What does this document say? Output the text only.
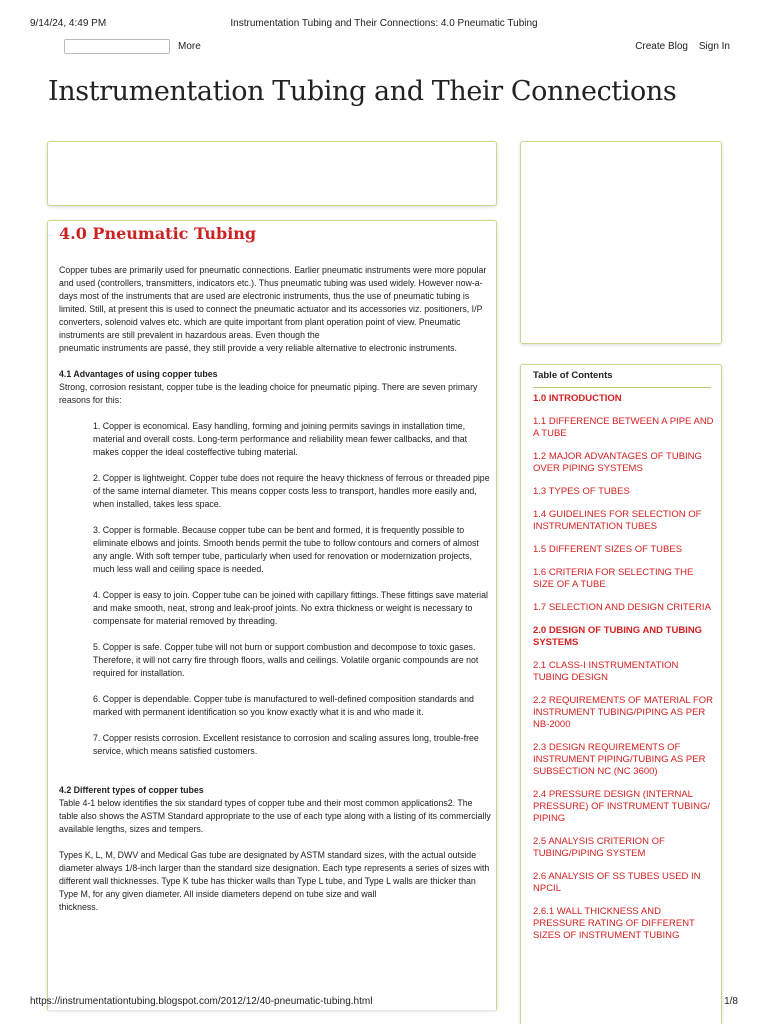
9/14/24, 4:49 PM	Instrumentation Tubing and Their Connections: 4.0 Pneumatic Tubing
More	Create Blog Sign In
Instrumentation Tubing and Their Connections
4.0 Pneumatic Tubing

Copper tubes are primarily used for pneumatic connections. Earlier pneumatic instruments were more popular and used (controllers, transmitters, indicators etc.). Thus pneumatic tubing was used widely. However now-a-days most of the instruments that are used are electronic instruments, thus the use of pneumatic tubing is limited. Still, at present this is used to connect the pneumatic actuator and its accessories viz. positioners, I/P converters, solenoid valves etc. which are quite important from plant operation point of view. Pneumatic instruments are still prevalent in hazardous areas. Even though the

pneumatic instruments are passé, they still provide a very reliable alternative to electronic instruments.

4.1 Advantages of using copper tubes

Strong, corrosion resistant, copper tube is the leading choice for pneumatic piping. There are seven primary reasons for this:

1. Copper is economical. Easy handling, forming and joining permits savings in installation time, material and overall costs. Long-term performance and reliability mean fewer callbacks, and that makes copper the ideal costeffective tubing material.

2. Copper is lightweight. Copper tube does not require the heavy thickness of ferrous or threaded pipe of the same internal diameter. This means copper costs less to transport, handles more easily and, when installed, takes less space.

3. Copper is formable. Because copper tube can be bent and formed, it is frequently possible to eliminate elbows and joints. Smooth bends permit the tube to follow contours and corners of almost any angle. With soft temper tube, particularly when used for renovation or modernization projects, much less wall and ceiling space is needed.

4. Copper is easy to join. Copper tube can be joined with capillary fittings. These fittings save material and make smooth, neat, strong and leak-proof joints. No extra thickness or weight is necessary to compensate for material removed by threading.

5. Copper is safe. Copper tube will not burn or support combustion and decompose to toxic gases. Therefore, it will not carry fire through floors, walls and ceilings. Volatile organic compounds are not required for installation.

6. Copper is dependable. Copper tube is manufactured to well-defined composition standards and marked with permanent identification so you know exactly what it is and who made it.

7. Copper resists corrosion. Excellent resistance to corrosion and scaling assures long, trouble-free service, which means satisfied customers.

4.2 Different types of copper tubes

Table 4-1 below identifies the six standard types of copper tube and their most common applications2. The table also shows the ASTM Standard appropriate to the use of each type along with a listing of its commercially available lengths, sizes and tempers.

Types K, L, M, DWV and Medical Gas tube are designated by ASTM standard sizes, with the actual outside diameter always 1/8-inch larger than the standard size designation. Each type represents a series of sizes with different wall thicknesses. Type K tube has thicker walls than Type L tube, and Type L walls are thicker than Type M, for any given diameter. All inside diameters depend on tube size and wall

thickness.

Table of Contents
1.0 INTRODUCTION
1.1 DIFFERENCE BETWEEN A PIPE AND A TUBE
1.2 MAJOR ADVANTAGES OF TUBING OVER PIPING SYSTEMS
1.3 TYPES OF TUBES
1.4 GUIDELINES FOR SELECTION OF INSTRUMENTATION TUBES
1.5 DIFFERENT SIZES OF TUBES
1.6 CRITERIA FOR SELECTING THE SIZE OF A TUBE
1.7 SELECTION AND DESIGN CRITERIA
2.0 DESIGN OF TUBING AND TUBING SYSTEMS
2.1 CLASS-I INSTRUMENTATION TUBING DESIGN
2.2 REQUIREMENTS OF MATERIAL FOR INSTRUMENT TUBING/PIPING AS PER NB-2000
2.3 DESIGN REQUIREMENTS OF INSTRUMENT PIPING/TUBING AS PER SUBSECTION NC (NC 3600)
2.4 PRESSURE DESIGN (INTERNAL PRESSURE) OF INSTRUMENT TUBING/ PIPING
2.5 ANALYSIS CRITERION OF TUBING/PIPING SYSTEM
2.6 ANALYSIS OF SS TUBES USED IN NPCIL
2.6.1 WALL THICKNESS AND PRESSURE RATING OF DIFFERENT SIZES OF INSTRUMENT TUBING
https://instrumentationtubing.blogspot.com/2012/12/40-pneumatic-tubing.html	1/8
